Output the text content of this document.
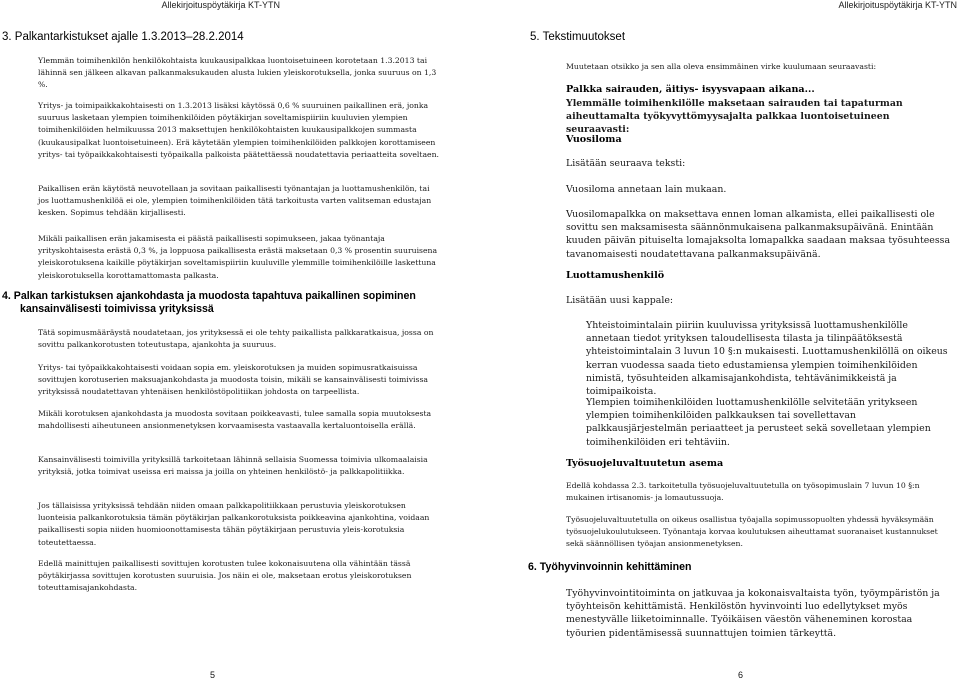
Allekirjoituspöytäkirja KT-YTN
3. Palkantarkistukset ajalle 1.3.2013–28.2.2014
Ylemmän toimihenkilön henkilökohtaista kuukausipalkkaa luontoisetuineen korotetaan 1.3.2013 tai lähinnä sen jälkeen alkavan palkanmaksukauden alusta lukien yleiskorotuksella, jonka suuruus on 1,3 %.
Yritys- ja toimipaikkakohtaisesti on 1.3.2013 lisäksi käytössä 0,6 % suuruinen paikallinen erä, jonka suuruus lasketaan ylempien toimihenkilöiden pöytäkirjan soveltamispiiriin kuuluvien ylempien toimihenkilöiden helmikuussa 2013 maksettujen henkilökohtaisten kuukausipalkkojen summasta (kuukausipalkat luontoisetuineen). Erä käytetään ylempien toimihenkilöiden palkkojen korottamiseen yritys- tai työpaikkakohtaisesti työpaikalla palkoista päätettäessä noudatettavia periaatteita soveltaen.
Paikallisen erän käytöstä neuvotellaan ja sovitaan paikallisesti työnantajan ja luottamushenkilön, tai jos luottamushenkilöä ei ole, ylempien toimihenkilöiden tätä tarkoitusta varten valitseman edustajan kesken. Sopimus tehdään kirjallisesti.
Mikäli paikallisen erän jakamisesta ei päästä paikallisesti sopimukseen, jakaa työnantaja yrityskohtaisesta erästä 0,3 %, ja loppuosa paikallisesta erästä maksetaan 0,3 % prosentin suuruisena yleiskorotuksena kaikille pöytäkirjan soveltamispiiriin kuuluville ylemmille toimihenkilöille laskettuna yleiskorotuksella korottamattomasta palkasta.
4. Palkan tarkistuksen ajankohdasta ja muodosta tapahtuva paikallinen sopiminen kansainvälisesti toimivissa yrityksissä
Tätä sopimusmääräystä noudatetaan, jos yrityksessä ei ole tehty paikallista palkkaratkaisua, jossa on sovittu palkankorotusten toteutustapa, ajankohta ja suuruus.
Yritys- tai työpaikkakohtaisesti voidaan sopia em. yleiskorotuksen ja muiden sopimusratkaisuissa sovittujen korotuserien maksuajankohdasta ja muodosta toisin, mikäli se kansainvälisesti toimivissa yrityksissä noudatettavan yhtenäisen henkilöstöpolitiikan johdosta on tarpeellista.
Mikäli korotuksen ajankohdasta ja muodosta sovitaan poikkeavasti, tulee samalla sopia muutoksesta mahdollisesti aiheutuneen ansionmenetyksen korvaamisesta vastaavalla kertaluontoisella erällä.
Kansainvälisesti toimivilla yrityksillä tarkoitetaan lähinnä sellaisia Suomessa toimivia ulkomaalaisia yrityksiä, jotka toimivat useissa eri maissa ja joilla on yhteinen henkilöstö- ja palkkapolitiikka.
Jos tällaisissa yrityksissä tehdään niiden omaan palkkapolitiikkaan perustuvia yleiskorotuksen luonteisia palkankorotuksia tämän pöytäkirjan palkankorotuksista poikkeavina ajankohtina, voidaan paikallisesti sopia niiden huomioonottamisesta tähän pöytäkirjaan perustuvia yleis-korotuksia toteutettaessa.
Edellä mainittujen paikallisesti sovittujen korotusten tulee kokonaisuutena olla vähintään tässä pöytäkirjassa sovittujen korotusten suuruisia. Jos näin ei ole, maksetaan erotus yleiskorotuksen toteuttamisajankohdasta.
5
Allekirjoituspöytäkirja KT-YTN
5. Tekstimuutokset
Muutetaan otsikko ja sen alla oleva ensimmäinen virke kuulumaan seuraavasti:
Palkka sairauden, äitiys- isyysvapaan aikana...
Ylemmälle toimihenkilölle maksetaan sairauden tai tapaturman aiheuttamalta työkyvyttömyysajalta palkkaa luontoisetuineen seuraavasti:
Vuosiloma
Lisätään seuraava teksti:
Vuosiloma annetaan lain mukaan.
Vuosilomapalkka on maksettava ennen loman alkamista, ellei paikallisesti ole sovittu sen maksamisesta säännönmukaisena palkanmaksupäivänä. Enintään kuuden päivän pituiselta lomajaksolta lomapalkka saadaan maksaa työsuhteessa tavanomaisesti noudatettavana palkanmaksupäivänä.
Luottamushenkilö
Lisätään uusi kappale:
Yhteistoimintalain piiriin kuuluvissa yrityksissä luottamushenkilölle annetaan tiedot yrityksen taloudellisesta tilasta ja tilinpäätöksestä yhteistoimintalain 3 luvun 10 §:n mukaisesti. Luottamushenkilöllä on oikeus kerran vuodessa saada tieto edustamiensa ylempien toimihenkilöiden nimistä, työsuhteiden alkamisajankohdista, tehtävänimikkeistä ja toimipaikoista.
Ylempien toimihenkilöiden luottamushenkilölle selvitetään yritykseen ylempien toimihenkilöiden palkkauksen tai sovellettavan palkkausjärjestelmän periaatteet ja perusteet sekä sovelletaan ylempien toimihenkilöiden eri tehtäviin.
Työsuojeluvaltuutetun asema
Edellä kohdassa 2.3. tarkoitetulla työsuojeluvaltuutetulla on työsopimuslain 7 luvun 10 §:n mukainen irtisanomis- ja lomautussuoja.
Työsuojeluvaltuutetulla on oikeus osallistua työajalla sopimussopuolten yhdessä hyväksymään työsuojelukoulutukseen. Työnantaja korvaa koulutuksen aiheuttamat suoranaiset kustannukset sekä säännöllisen työajan ansionmenetyksen.
6. Työhyvinvoinnin kehittäminen
Työhyvinvointitoiminta on jatkuvaa ja kokonaisvaltaista työn, työympäristön ja työyhteisön kehittämistä. Henkilöstön hyvinvointi luo edellytykset myös menestyvälle liiketoiminnalle. Työikäisen väestön väheneminen korostaa työurien pidentämisessä suunnattujen toimien tärkeyttä.
6
